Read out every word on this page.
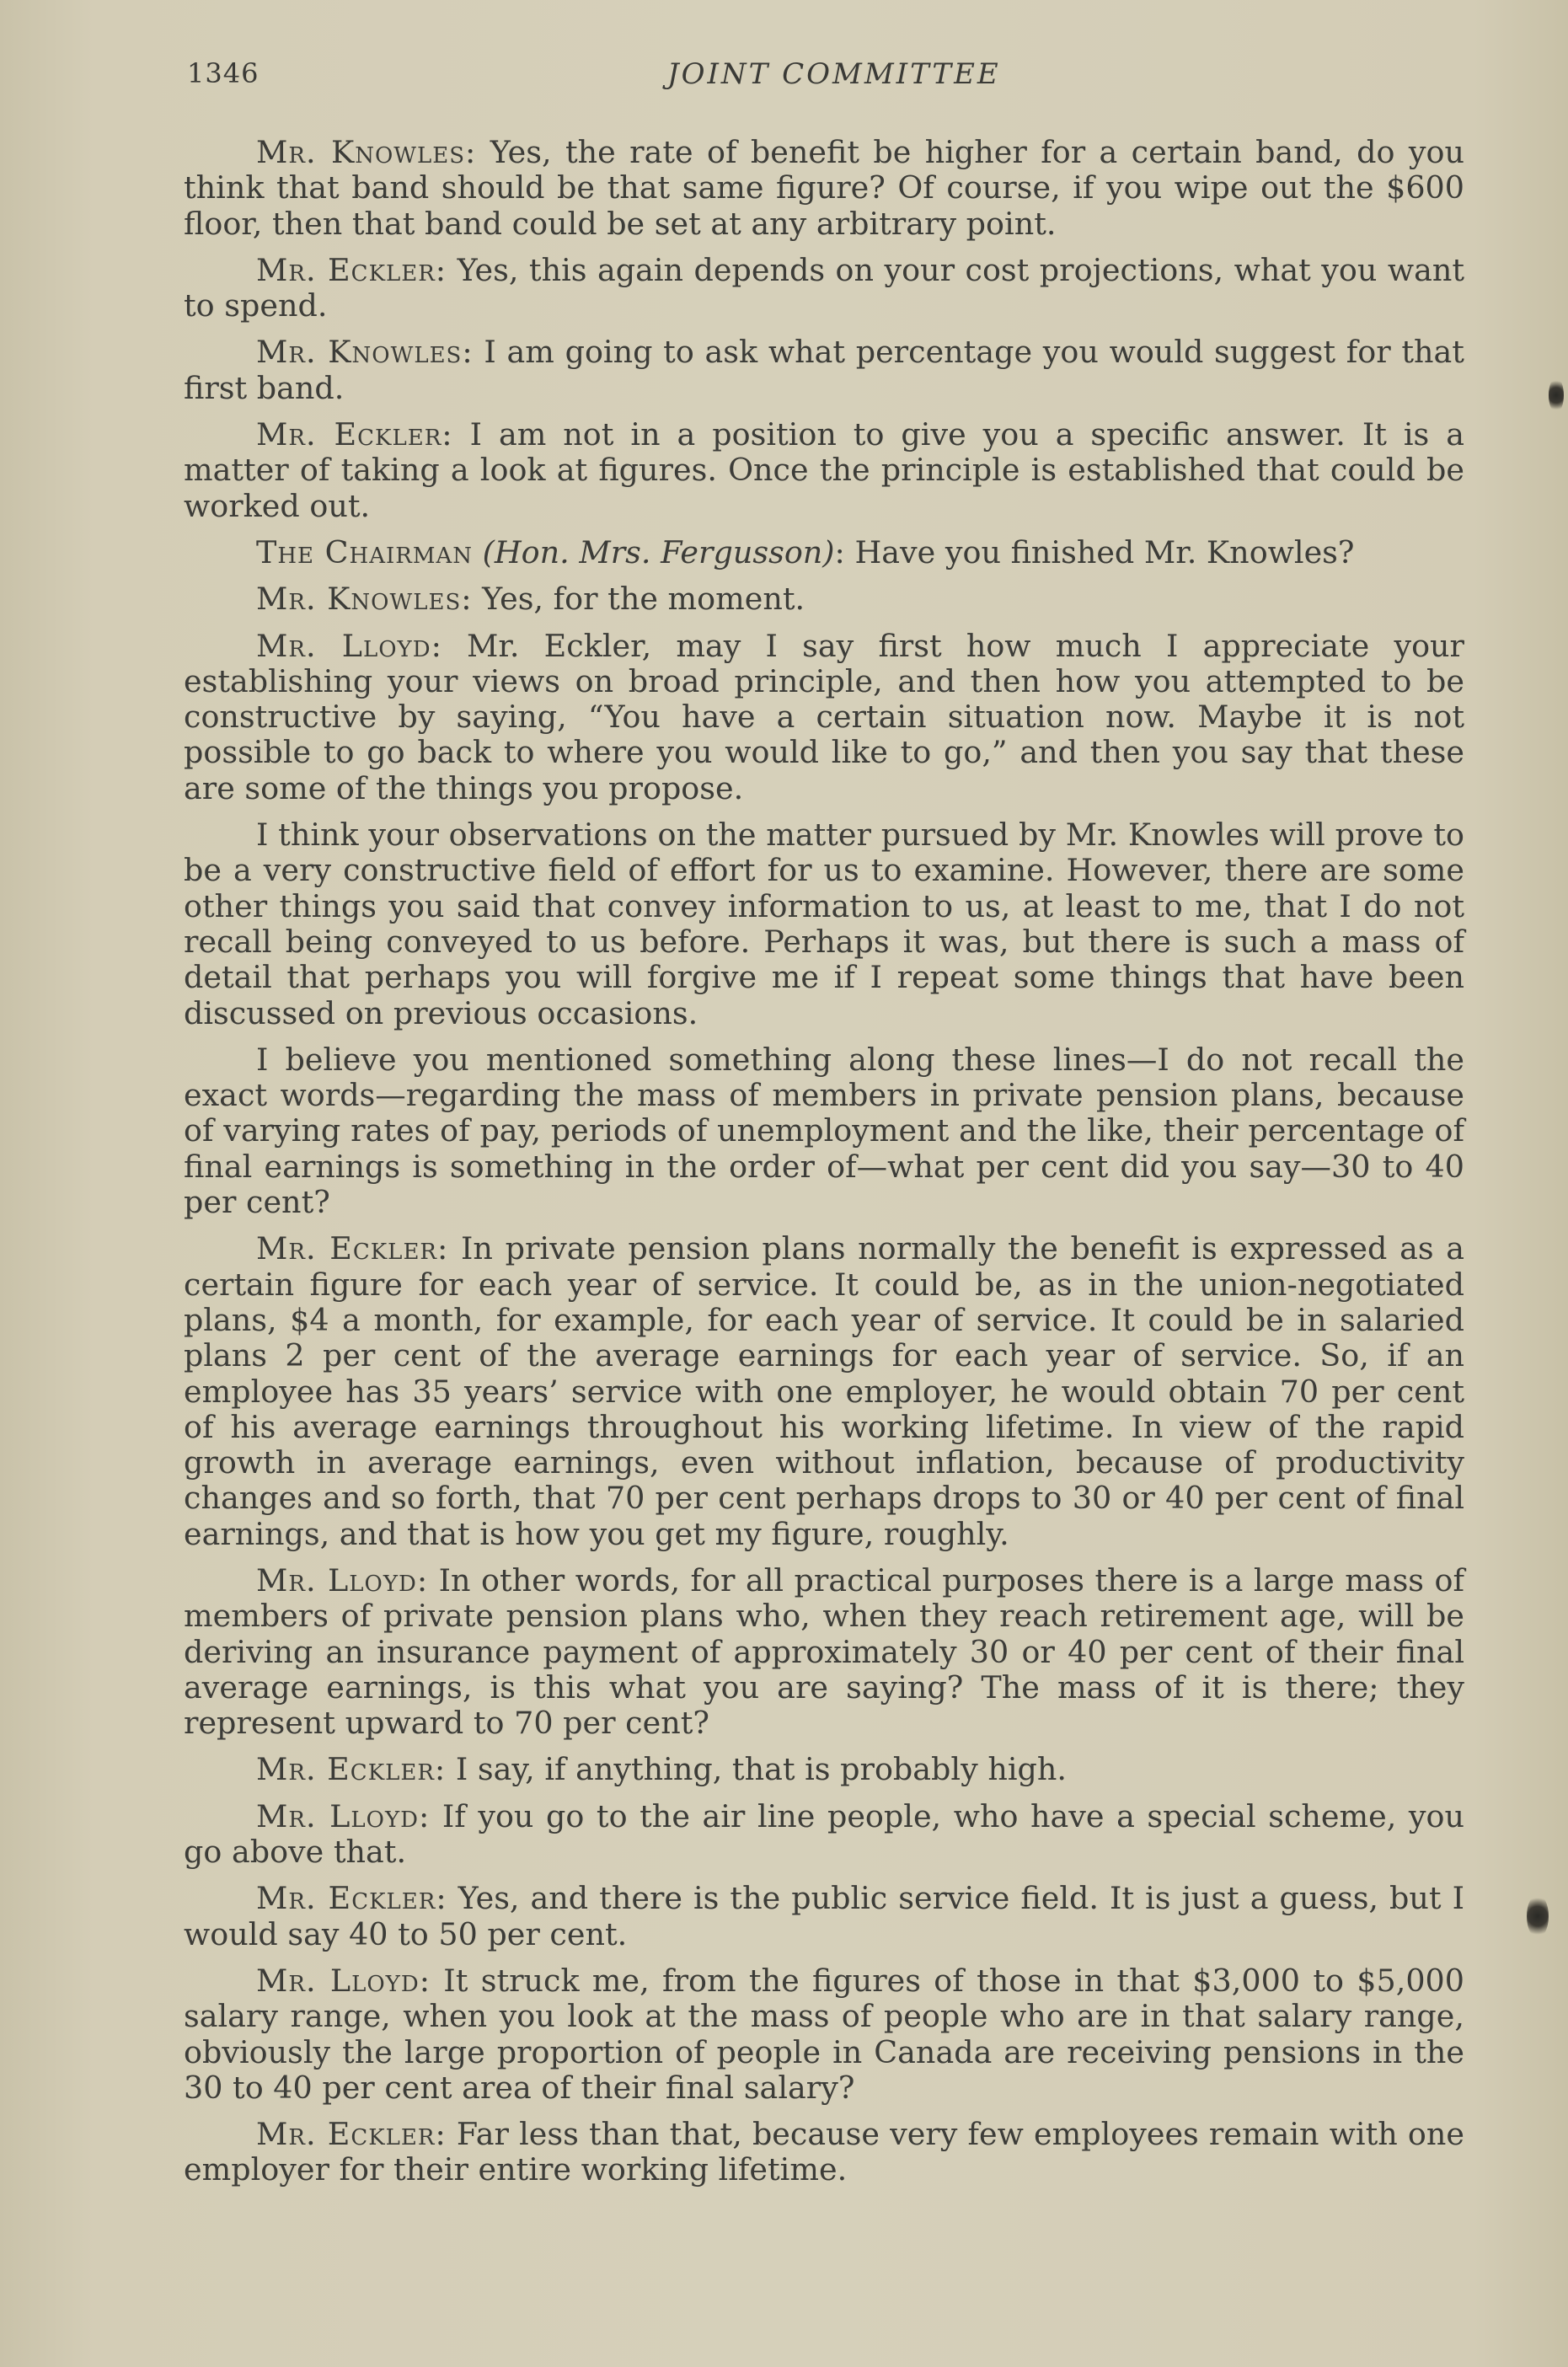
1346	JOINT COMMITTEE

Mr. Knowles: Yes, the rate of benefit be higher for a certain band, do you think that band should be that same figure? Of course, if you wipe out the $600 floor, then that band could be set at any arbitrary point.

Mr. Eckler: Yes, this again depends on your cost projections, what you want to spend.

Mr. Knowles: I am going to ask what percentage you would suggest for that first band.

Mr. Eckler: I am not in a position to give you a specific answer. It is a matter of taking a look at figures. Once the principle is established that could be worked out.

The Chairman (Hon. Mrs. Fergusson): Have you finished Mr. Knowles?

Mr. Knowles: Yes, for the moment.

Mr. Lloyd: Mr. Eckler, may I say first how much I appreciate your establishing your views on broad principle, and then how you attempted to be constructive by saying, “You have a certain situation now. Maybe it is not possible to go back to where you would like to go,” and then you say that these are some of the things you propose.

I think your observations on the matter pursued by Mr. Knowles will prove to be a very constructive field of effort for us to examine. However, there are some other things you said that convey information to us, at least to me, that I do not recall being conveyed to us before. Perhaps it was, but there is such a mass of detail that perhaps you will forgive me if I repeat some things that have been discussed on previous occasions.

I believe you mentioned something along these lines—I do not recall the exact words—regarding the mass of members in private pension plans, because of varying rates of pay, periods of unemployment and the like, their percentage of final earnings is something in the order of—what per cent did you say—30 to 40 per cent?

Mr. Eckler: In private pension plans normally the benefit is expressed as a certain figure for each year of service. It could be, as in the union-negotiated plans, $4 a month, for example, for each year of service. It could be in salaried plans 2 per cent of the average earnings for each year of service. So, if an employee has 35 years’ service with one employer, he would obtain 70 per cent of his average earnings throughout his working lifetime. In view of the rapid growth in average earnings, even without inflation, because of productivity changes and so forth, that 70 per cent perhaps drops to 30 or 40 per cent of final earnings, and that is how you get my figure, roughly.

Mr. Lloyd: In other words, for all practical purposes there is a large mass of members of private pension plans who, when they reach retirement age, will be deriving an insurance payment of approximately 30 or 40 per cent of their final average earnings, is this what you are saying? The mass of it is there; they represent upward to 70 per cent?

Mr. Eckler: I say, if anything, that is probably high.

Mr. Lloyd: If you go to the air line people, who have a special scheme, you go above that.

Mr. Eckler: Yes, and there is the public service field. It is just a guess, but I would say 40 to 50 per cent.

Mr. Lloyd: It struck me, from the figures of those in that $3,000 to $5,000 salary range, when you look at the mass of people who are in that salary range, obviously the large proportion of people in Canada are receiving pensions in the 30 to 40 per cent area of their final salary?

Mr. Eckler: Far less than that, because very few employees remain with one employer for their entire working lifetime.
